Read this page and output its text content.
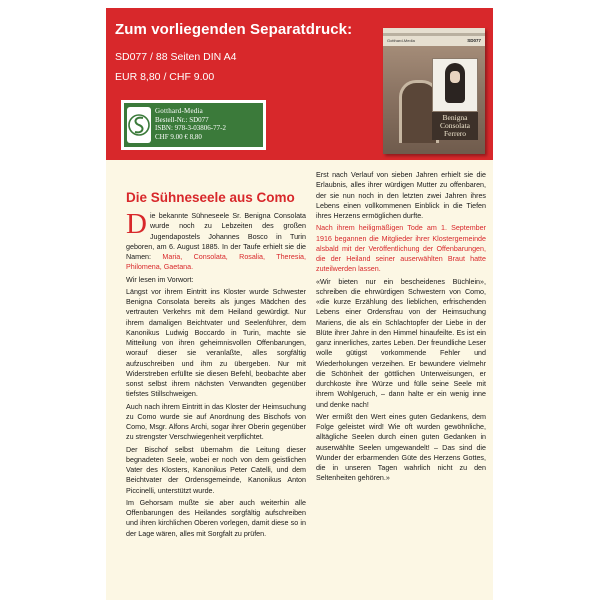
Zum vorliegenden Separatdruck:
SD077 / 88 Seiten DIN A4
EUR 8,80 / CHF 9.00
Gotthard-Media
Bestell-Nr.: SD077
ISBN: 978-3-03806-77-2
CHF 9.00 € 8,80
Gotthard-Media	SD077
Benigna
Consolata
Ferrero
Die Sühneseele aus Como

Die bekannte Sühneseele Sr. Benigna Consolata wurde noch zu Lebzeiten des großen Jugendapostels Johannes Bosco in Turin geboren, am 6. August 1885. In der Taufe erhielt sie die Namen: Maria, Consolata, Rosalia, Theresia, Philomena, Gaetana.

Wir lesen im Vorwort:

Längst vor ihrem Eintritt ins Kloster wurde Schwester Benigna Consolata bereits als junges Mädchen des vertrauten Verkehrs mit dem Heiland gewürdigt. Nur ihrem damaligen Beichtvater und Seelenführer, dem Kanonikus Ludwig Boccardo in Turin, machte sie Mitteilung von ihren geheimnisvollen Offenbarungen, worauf dieser sie veranlaßte, alles sorgfältig aufzuschreiben und ihm zu übergeben. Nur mit Widerstreben erfüllte sie diesen Befehl, beobachte aber sonst selbst ihrem nächsten Verwandten gegenüber tiefstes Stillschweigen.

Auch nach ihrem Eintritt in das Kloster der Heimsuchung zu Como wurde sie auf Anordnung des Bischofs von Como, Msgr. Alfons Archi, sogar ihrer Oberin gegenüber zu strengster Verschwiegenheit verpflichtet.

Der Bischof selbst übernahm die Leitung dieser begnadeten Seele, wobei er noch von dem geistlichen Vater des Klosters, Kanonikus Peter Catelli, und dem Beichtvater der Ordensgemeinde, Kanonikus Anton Piccinelli, unterstützt wurde.

Im Gehorsam mußte sie aber auch weiterhin alle Offenbarungen des Heilandes sorgfältig aufschreiben und ihren kirchlichen Oberen vorlegen, damit diese so in der Lage wären, alles mit Sorgfalt zu prüfen.

Erst nach Verlauf von sieben Jahren erhielt sie die Erlaubnis, alles ihrer würdigen Mutter zu offenbaren, der sie nun noch in den letzten zwei Jahren ihres Lebens einen vollkommenen Einblick in die Tiefen ihres Herzens ermöglichen durfte.

Nach ihrem heiligmäßigen Tode am 1. September 1916 begannen die Mitglieder ihrer Klostergemeinde alsbald mit der Veröffentlichung der Offenbarungen, die der Heiland seiner auserwählten Braut hatte zuteilwerden lassen.

«Wir bieten nur ein bescheidenes Büchlein», schreiben die ehrwürdigen Schwestern von Como, «die kurze Erzählung des lieblichen, erfrischenden Lebens einer Ordensfrau von der Heimsuchung Mariens, die als ein Schlachtopfer der Liebe in der Blüte ihrer Jahre in den Himmel hinaufeilte. Es ist ein ganz innerliches, zartes Leben. Der freundliche Leser wolle gütigst vorkommende Fehler und Wiederholungen verzeihen. Er bewundere vielmehr die Schönheit der göttlichen Unterweisungen, er durchkoste ihre Würze und fülle seine Seele mit ihrem Wohlgeruch, – dann halte er ein wenig inne und denke nach!

Wer ermißt den Wert eines guten Gedankens, dem Folge geleistet wird! Wie oft wurden gewöhnliche, alltägliche Seelen durch einen guten Gedanken in auserwählte Seelen umgewandelt! – Das sind die Wunder der erbarmenden Güte des Herzens Gottes, die in unseren Tagen wahrlich nicht zu den Seltenheiten gehören.»
